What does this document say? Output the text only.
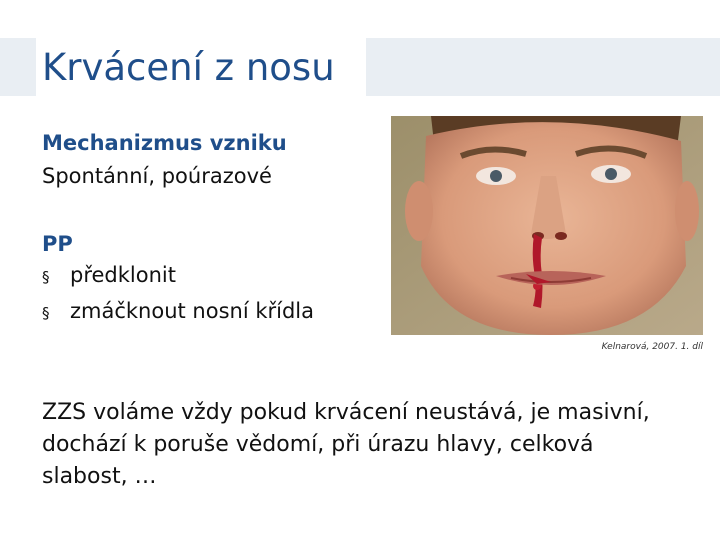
Krvácení z nosu
Mechanizmus vzniku
Spontánní, poúrazové
PP
§ předklonit
§ zmáčknout nosní křídla
Kelnarová, 2007. 1. díl
ZZS voláme vždy pokud krvácení neustává, je masivní, dochází k poruše vědomí, při úrazu hlavy, celková slabost, …
